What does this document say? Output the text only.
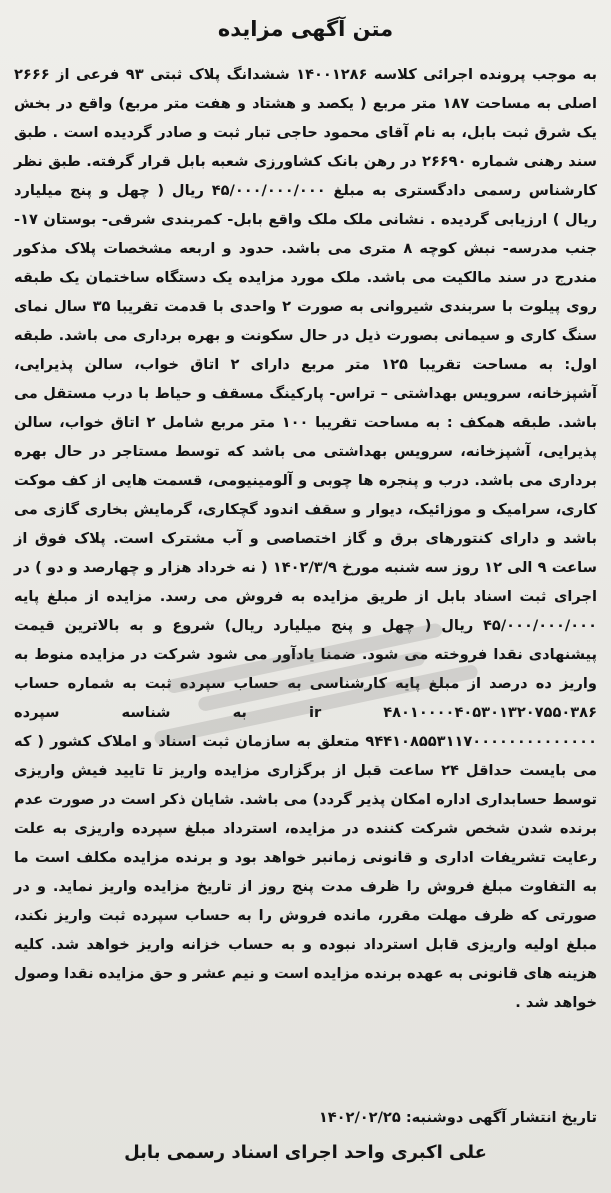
متن آگهی مزایده

به موجب پرونده اجرائی کلاسه ۱۴۰۰۱۲۸۶ ششدانگ پلاک ثبتی ۹۳ فرعی از ۲۶۶۶ اصلی به مساحت ۱۸۷ متر مربع ( یکصد و هشتاد و هفت متر مربع) واقع در بخش یک شرق ثبت بابل، به نام آقای محمود حاجی تبار ثبت و صادر گردیده است . طبق سند رهنی شماره ۲۶۶۹۰ در رهن بانک کشاورزی شعبه بابل قرار گرفته. طبق نظر کارشناس رسمی دادگستری به مبلغ ۴۵/۰۰۰/۰۰۰/۰۰۰ ریال ( چهل و پنج میلیارد ریال ) ارزیابی گردیده . نشانی ملک ملک واقع بابل- کمربندی شرقی- بوستان ۱۷- جنب مدرسه- نبش کوچه ۸ متری می باشد. حدود و اربعه مشخصات پلاک مذکور مندرج در سند مالکیت می باشد. ملک مورد مزایده یک دستگاه ساختمان یک طبقه روی پیلوت با سربندی شیروانی به صورت ۲ واحدی با قدمت تقریبا ۳۵ سال نمای سنگ کاری و سیمانی بصورت ذیل در حال سکونت و بهره برداری می باشد. طبقه اول: به مساحت تقریبا ۱۲۵ متر مربع دارای ۲ اتاق خواب، سالن پذیرایی، آشپزخانه، سرویس بهداشتی – تراس- پارکینگ مسقف و حیاط با درب مستقل می باشد. طبقه همکف : به مساحت تقریبا ۱۰۰ متر مربع شامل ۲ اتاق خواب، سالن پذیرایی، آشپزخانه، سرویس بهداشتی می باشد که توسط مستاجر در حال بهره برداری می باشد. درب و پنجره ها چوبی و آلومینیومی، قسمت هایی از کف موکت کاری، سرامیک و موزائیک، دیوار و سقف اندود گچکاری، گرمایش بخاری گازی می باشد و دارای کنتورهای برق و گاز اختصاصی و آب مشترک است. پلاک فوق از ساعت ۹ الی ۱۲ روز سه شنبه مورخ ۱۴۰۲/۳/۹ ( نه خرداد هزار و چهارصد و دو ) در اجرای ثبت اسناد بابل از طریق مزایده به فروش می رسد. مزایده از مبلغ پایه ۴۵/۰۰۰/۰۰۰/۰۰۰ ریال ( چهل و پنج میلیارد ریال) شروع و به بالاترین قیمت پیشنهادی نقدا فروخته می شود. ضمنا یادآور می شود شرکت در مزایده منوط به واریز ده درصد از مبلغ پایه کارشناسی به حساب سپرده ثبت به شماره حساب ۴۸۰۱۰۰۰۰۴۰۵۳۰۱۳۲۰۷۵۵۰۳۸۶ ir به شناسه سپرده ۹۴۴۱۰۸۵۵۳۱۱۷۰۰۰۰۰۰۰۰۰۰۰۰۰۰ متعلق به سازمان ثبت اسناد و املاک کشور ( که می بایست حداقل ۲۴ ساعت قبل از برگزاری مزایده واریز تا تایید فیش واریزی توسط حسابداری اداره امکان پذیر گردد) می باشد. شایان ذکر است در صورت عدم برنده شدن شخص شرکت کننده در مزایده، استرداد مبلغ سپرده واریزی به علت رعایت تشریفات اداری و قانونی زمانبر خواهد بود و برنده مزایده مکلف است ما به التفاوت مبلغ فروش را ظرف مدت پنج روز از تاریخ مزایده واریز نماید. و در صورتی که ظرف مهلت مقرر، مانده فروش را به حساب سپرده ثبت واریز نکند، مبلغ اولیه واریزی قابل استرداد نبوده و به حساب خزانه واریز خواهد شد. کلیه هزینه های قانونی به عهده برنده مزایده است و نیم عشر و حق مزایده نقدا وصول خواهد شد .

تاریخ انتشار آگهی دوشنبه: ۱۴۰۲/۰۲/۲۵
علی اکبری واحد اجرای اسناد رسمی بابل
